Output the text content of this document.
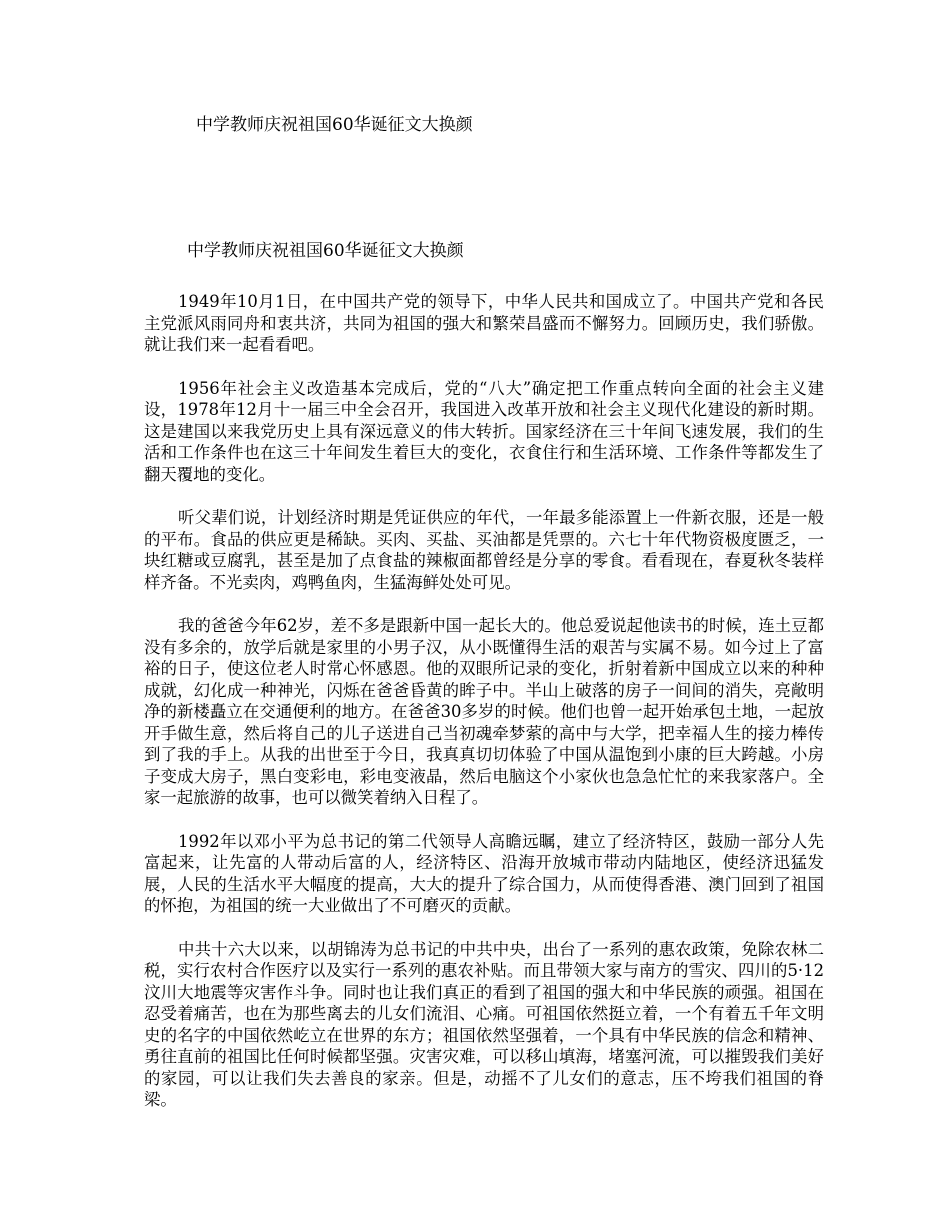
中学教师庆祝祖国60华诞征文大换颜
中学教师庆祝祖国60华诞征文大换颜

1949年10月1日，在中国共产党的领导下，中华人民共和国成立了。中国共产党和各民主党派风雨同舟和衷共济，共同为祖国的强大和繁荣昌盛而不懈努力。回顾历史，我们骄傲。就让我们来一起看看吧。

1956年社会主义改造基本完成后，党的“八大”确定把工作重点转向全面的社会主义建设，1978年12月十一届三中全会召开，我国进入改革开放和社会主义现代化建设的新时期。这是建国以来我党历史上具有深远意义的伟大转折。国家经济在三十年间飞速发展，我们的生活和工作条件也在这三十年间发生着巨大的变化，衣食住行和生活环境、工作条件等都发生了翻天覆地的变化。

听父辈们说，计划经济时期是凭证供应的年代，一年最多能添置上一件新衣服，还是一般的平布。食品的供应更是稀缺。买肉、买盐、买油都是凭票的。六七十年代物资极度匮乏，一块红糖或豆腐乳，甚至是加了点食盐的辣椒面都曾经是分享的零食。看看现在，春夏秋冬装样样齐备。不光卖肉，鸡鸭鱼肉，生猛海鲜处处可见。

我的爸爸今年62岁，差不多是跟新中国一起长大的。他总爱说起他读书的时候，连土豆都没有多余的，放学后就是家里的小男子汉，从小既懂得生活的艰苦与实属不易。如今过上了富裕的日子，使这位老人时常心怀感恩。他的双眼所记录的变化，折射着新中国成立以来的种种成就，幻化成一种神光，闪烁在爸爸昏黄的眸子中。半山上破落的房子一间间的消失，亮敞明净的新楼矗立在交通便利的地方。在爸爸30多岁的时候。他们也曾一起开始承包土地，一起放开手做生意，然后将自己的儿子送进自己当初魂牵梦萦的高中与大学，把幸福人生的接力棒传到了我的手上。从我的出世至于今日，我真真切切体验了中国从温饱到小康的巨大跨越。小房子变成大房子，黑白变彩电，彩电变液晶，然后电脑这个小家伙也急急忙忙的来我家落户。全家一起旅游的故事，也可以微笑着纳入日程了。

1992年以邓小平为总书记的第二代领导人高瞻远瞩，建立了经济特区，鼓励一部分人先富起来，让先富的人带动后富的人，经济特区、沿海开放城市带动内陆地区，使经济迅猛发展，人民的生活水平大幅度的提高，大大的提升了综合国力，从而使得香港、澳门回到了祖国的怀抱，为祖国的统一大业做出了不可磨灭的贡献。

中共十六大以来，以胡锦涛为总书记的中共中央，出台了一系列的惠农政策，免除农林二税，实行农村合作医疗以及实行一系列的惠农补贴。而且带领大家与南方的雪灾、四川的5·12汶川大地震等灾害作斗争。同时也让我们真正的看到了祖国的强大和中华民族的顽强。祖国在忍受着痛苦，也在为那些离去的儿女们流泪、心痛。可祖国依然挺立着，一个有着五千年文明史的名字的中国依然屹立在世界的东方；祖国依然坚强着，一个具有中华民族的信念和精神、勇往直前的祖国比任何时候都坚强。灾害灾难，可以移山填海，堵塞河流，可以摧毁我们美好的家园，可以让我们失去善良的家亲。但是，动摇不了儿女们的意志，压不垮我们祖国的脊梁。
